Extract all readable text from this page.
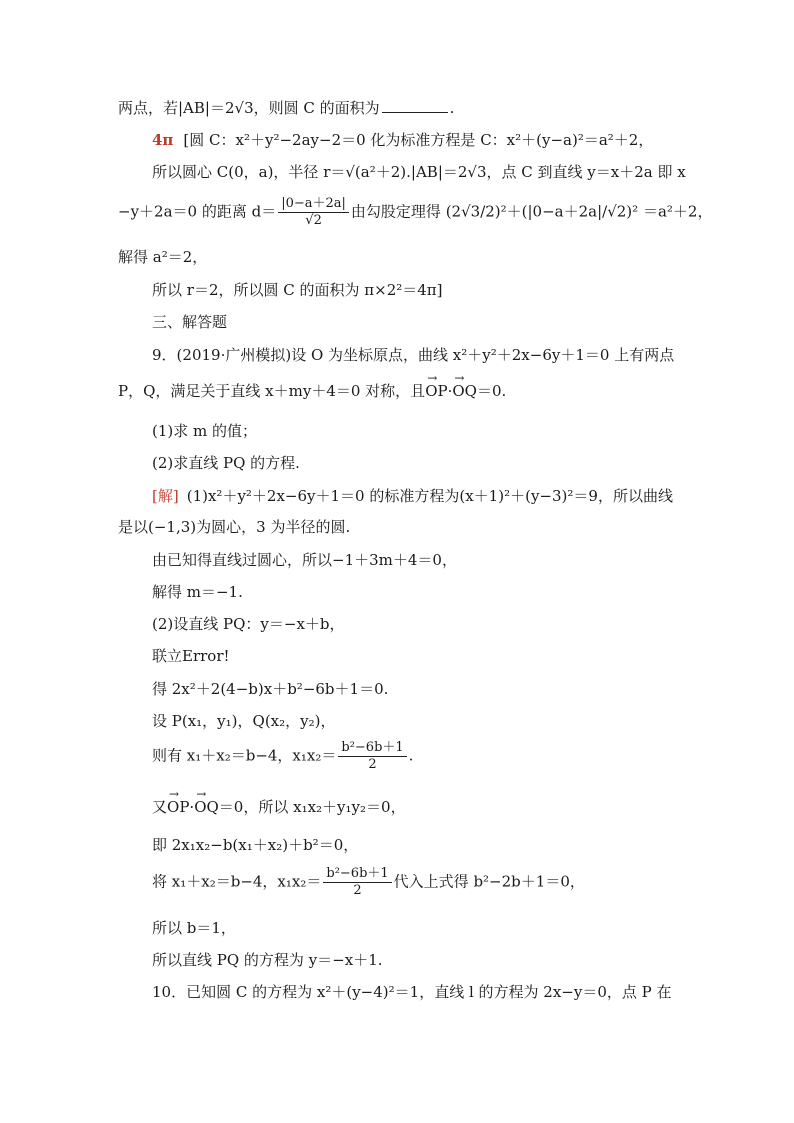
两点，若|AB|＝2√3，则圆 C 的面积为	.
4π [圆 C：x²＋y²−2ay−2＝0 化为标准方程是 C：x²＋(y−a)²＝a²＋2，
所以圆心 C(0，a)，半径 r＝√(a²＋2).|AB|＝2√3，点 C 到直线 y＝x＋2a 即 x
−y＋2a＝0 的距离 $d= \frac{|0-a+2a|}{√2}$ 由勾股定理得 (2√3/2)²＋(|0−a＋2a|/√2)² ＝a²＋2，
解得 a²＝2，
所以 r＝2，所以圆 C 的面积为 π×2²＝4π]
三、解答题
9．(2019·广州模拟)设 O 为坐标原点，曲线 x²＋y²＋2x−6y＋1＝0 上有两点
P，Q，满足关于直线 x＋my＋4＝0 对称，且→ OP·→ OQ＝0.
(1)求 m 的值；
(2)求直线 PQ 的方程.
[解] (1)x²＋y²＋2x−6y＋1＝0 的标准方程为(x＋1)²＋(y−3)²＝9，所以曲线
是以(−1,3)为圆心，3 为半径的圆.
由已知得直线过圆心，所以−1＋3m＋4＝0，
解得 m＝−1.
(2)设直线 PQ：y＝−x＋b，
联立Error!
得 2x²＋2(4−b)x＋b²−6b＋1＝0.
设 P(x₁，y₁)，Q(x₂，y₂)，
则有 x₁＋x₂＝b−4，$x_1x_2= \frac{\text{b²−6b＋1}}{2}$ .
又→ OP·→ OQ＝0，所以 x₁x₂＋y₁y₂＝0，
即 2x₁x₂−b(x₁＋x₂)＋b²＝0，
将 x₁＋x₂＝b−4，$x_1x_2= \frac{\text{b²−6b＋1}}{2}$ 代入上式得 b²−2b＋1＝0，
所以 b＝1，
所以直线 PQ 的方程为 y＝−x＋1.
10．已知圆 C 的方程为 x²＋(y−4)²＝1，直线 l 的方程为 2x−y＝0，点 P 在
